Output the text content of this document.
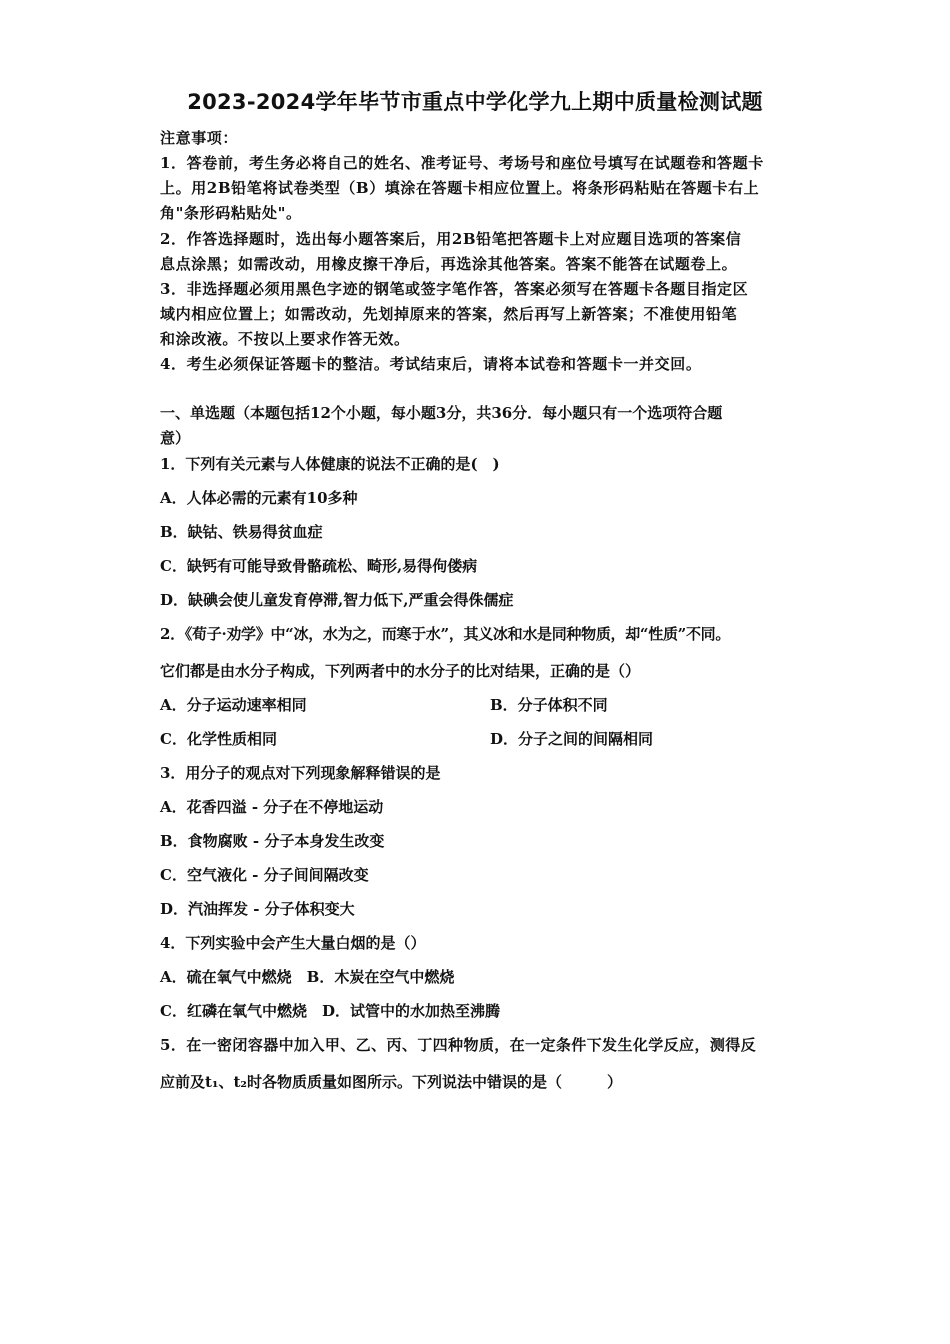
2023-2024学年毕节市重点中学化学九上期中质量检测试题
注意事项：
1．答卷前，考生务必将自己的姓名、准考证号、考场号和座位号填写在试题卷和答题卡
上。用2B铅笔将试卷类型（B）填涂在答题卡相应位置上。将条形码粘贴在答题卡右上
角"条形码粘贴处"。
2．作答选择题时，选出每小题答案后，用2B铅笔把答题卡上对应题目选项的答案信
息点涂黑；如需改动，用橡皮擦干净后，再选涂其他答案。答案不能答在试题卷上。
3．非选择题必须用黑色字迹的钢笔或签字笔作答，答案必须写在答题卡各题目指定区
域内相应位置上；如需改动，先划掉原来的答案，然后再写上新答案；不准使用铅笔
和涂改液。不按以上要求作答无效。
4．考生必须保证答题卡的整洁。考试结束后，请将本试卷和答题卡一并交回。
一、单选题（本题包括12个小题，每小题3分，共36分．每小题只有一个选项符合题
意）
1．下列有关元素与人体健康的说法不正确的是(　)
A．人体必需的元素有10多种
B．缺钴、铁易得贫血症
C．缺钙有可能导致骨骼疏松、畸形,易得佝偻病
D．缺碘会使儿童发育停滞,智力低下,严重会得侏儒症
2．《荀子·劝学》中“冰，水为之，而寒于水”，其义冰和水是同种物质，却“性质”不同。
它们都是由水分子构成，下列两者中的水分子的比对结果，正确的是（）
A．分子运动速率相同	B．分子体积不同
C．化学性质相同	D．分子之间的间隔相同
3．用分子的观点对下列现象解释错误的是
A．花香四溢 - 分子在不停地运动
B．食物腐败 - 分子本身发生改变
C．空气液化 - 分子间间隔改变
D．汽油挥发 - 分子体积变大
4．下列实验中会产生大量白烟的是（）
A．硫在氧气中燃烧　B．木炭在空气中燃烧
C．红磷在氧气中燃烧　D．试管中的水加热至沸腾
5．在一密闭容器中加入甲、乙、丙、丁四种物质，在一定条件下发生化学反应，测得反
应前及t₁、t₂时各物质质量如图所示。下列说法中错误的是（　　　）
